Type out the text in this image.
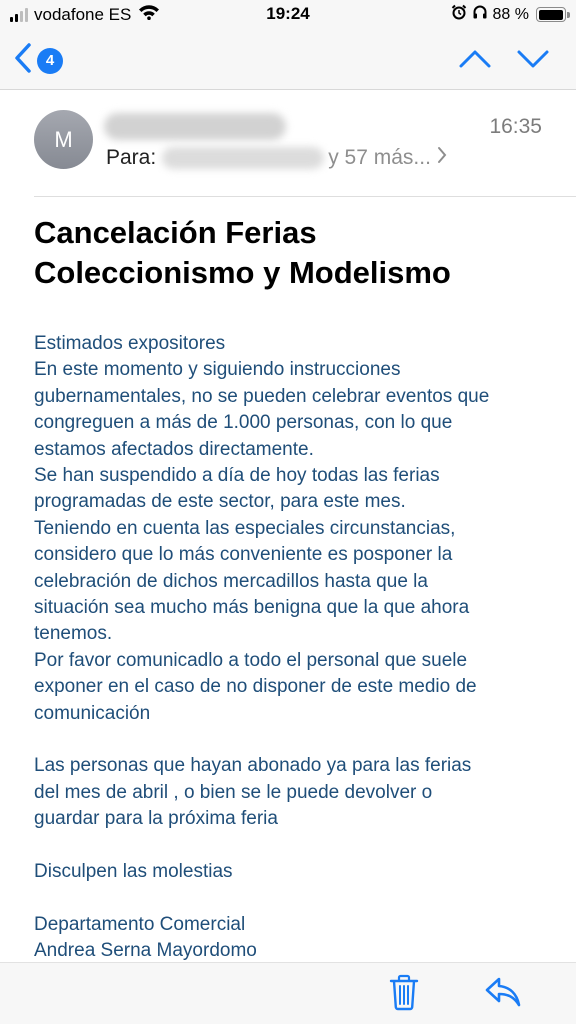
vodafone ES	19:24	88 %
4
M	16:35
Para:	y 57 más...
Cancelación Ferias
Coleccionismo y Modelismo

Estimados expositores

En este momento y siguiendo instrucciones

gubernamentales, no se pueden celebrar eventos que

congreguen a más de 1.000 personas, con lo que

estamos afectados directamente.

Se han suspendido a día de hoy todas las ferias

programadas de este sector, para este mes.

Teniendo en cuenta las especiales circunstancias,

considero que lo más conveniente es posponer la

celebración de dichos mercadillos hasta que la

situación sea mucho más benigna que la que ahora

tenemos.

Por favor comunicadlo a todo el personal que suele

exponer en el caso de no disponer de este medio de

comunicación

Las personas que hayan abonado ya para las ferias

del mes de abril , o bien se le puede devolver o

guardar para la próxima feria

Disculpen las molestias

Departamento Comercial

Andrea Serna Mayordomo
